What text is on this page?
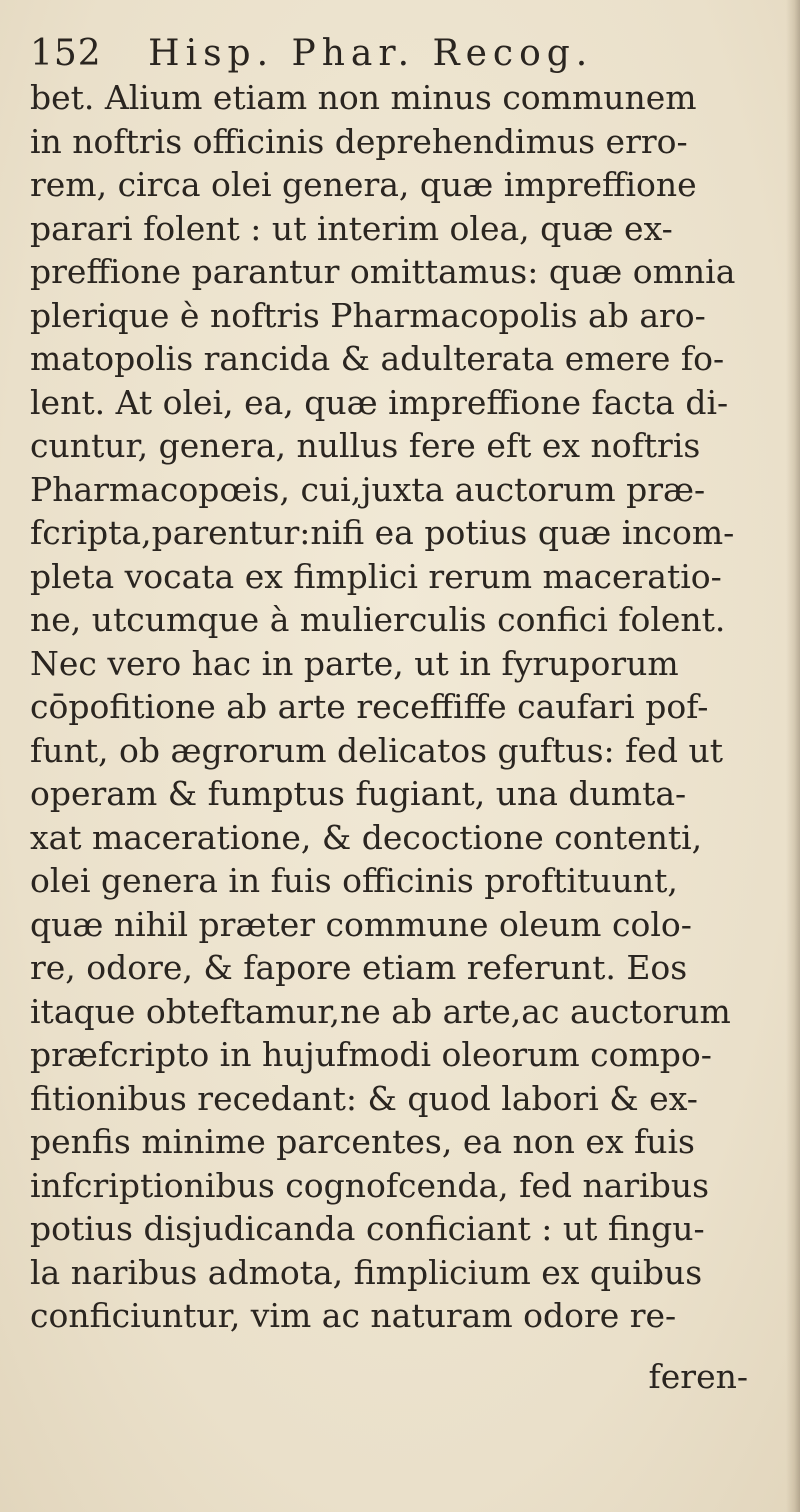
152 Hisp. Phar. Recog.
bet. Alium etiam non minus communem
in noftris officinis deprehendimus erro-
rem, circa olei genera, quæ impreffione
parari folent : ut interim olea, quæ ex-
preffione parantur omittamus: quæ omnia
plerique è noftris Pharmacopolis ab aro-
matopolis rancida & adulterata emere fo-
lent. At olei, ea, quæ impreffione facta di-
cuntur, genera, nullus fere eft ex noftris
Pharmacopœis, cui,juxta auctorum præ-
fcripta,parentur:nifi ea potius quæ incom-
pleta vocata ex fimplici rerum maceratio-
ne, utcumque à mulierculis confici folent.
Nec vero hac in parte, ut in fyruporum
cōpofitione ab arte receffiffe caufari pof-
funt, ob ægrorum delicatos guftus: fed ut
operam & fumptus fugiant, una dumta-
xat maceratione, & decoctione contenti,
olei genera in fuis officinis proftituunt,
quæ nihil præter commune oleum colo-
re, odore, & fapore etiam referunt. Eos
itaque obteftamur,ne ab arte,ac auctorum
præfcripto in hujufmodi oleorum compo-
fitionibus recedant: & quod labori & ex-
penfis minime parcentes, ea non ex fuis
infcriptionibus cognofcenda, fed naribus
potius disjudicanda conficiant : ut fingu-
la naribus admota, fimplicium ex quibus
conficiuntur, vim ac naturam odore re-
feren-
